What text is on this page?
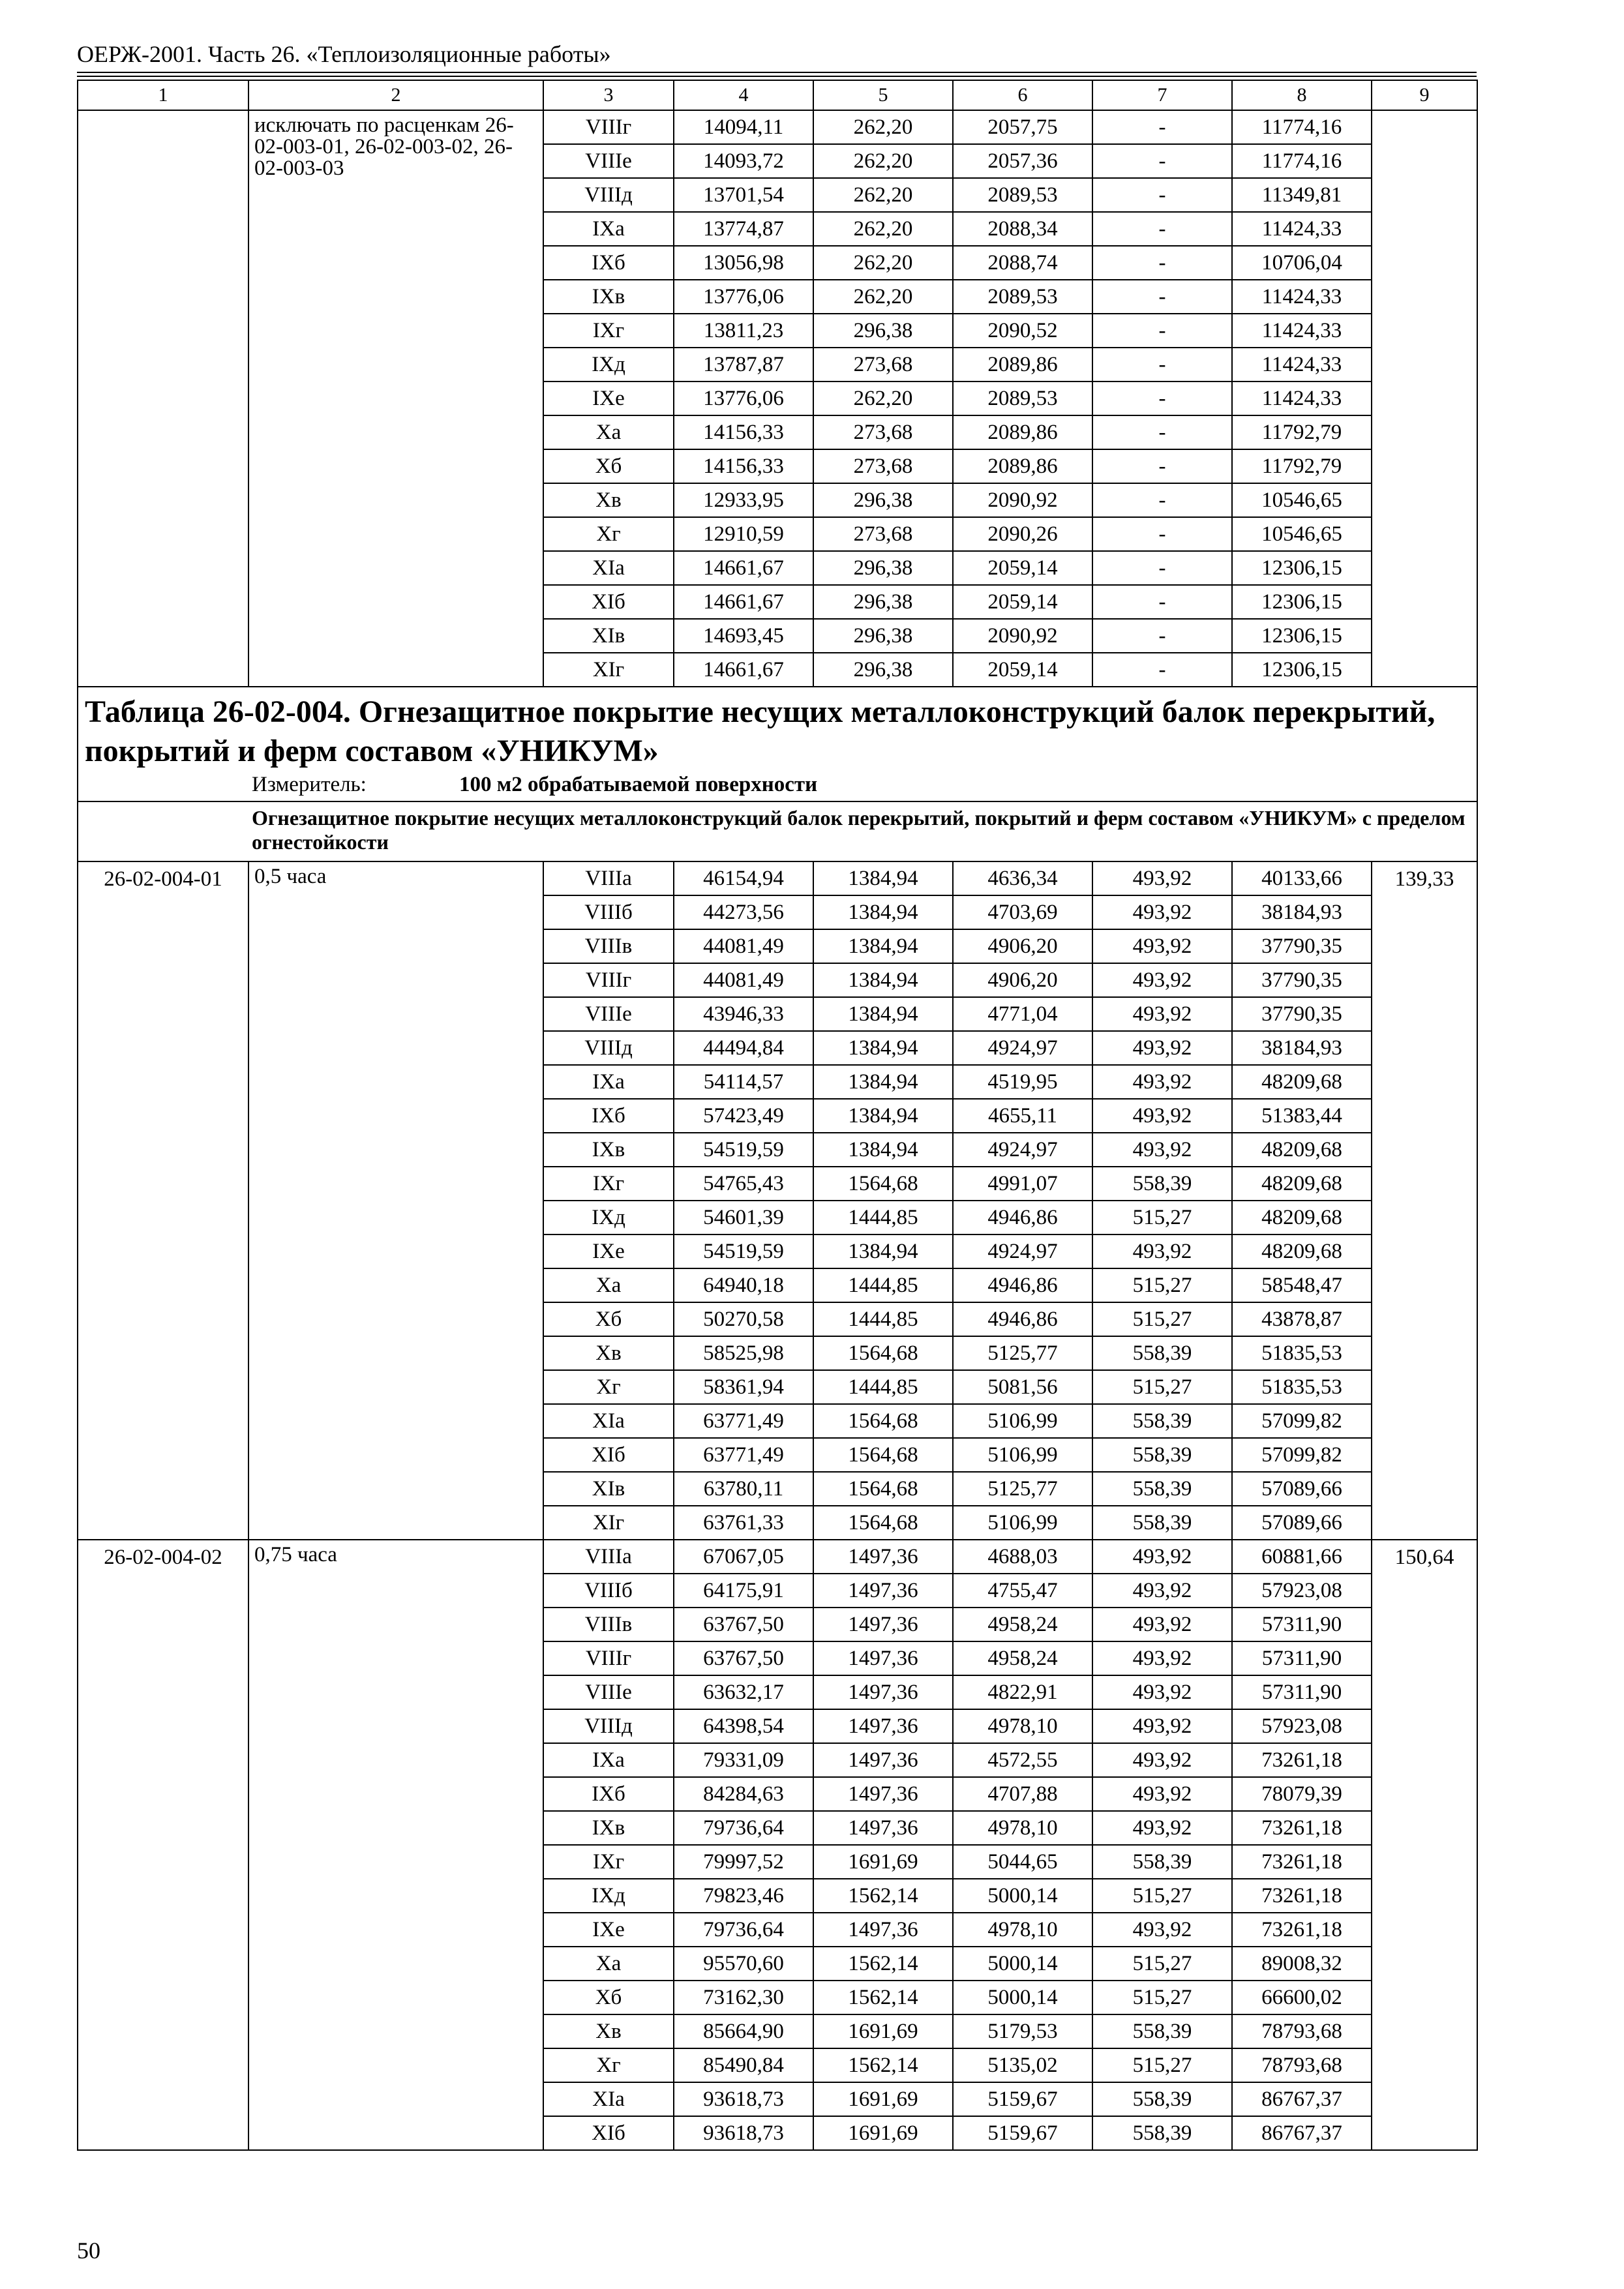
ОЕРЖ-2001. Часть 26. «Теплоизоляционные работы»
1	2	3	4	5	6	7	8	9
	исключать по расценкам 26-02-003-01, 26-02-003-02, 26-02-003-03	VIIIг	14094,11	262,20	2057,75	-	11774,16	
		VIIIе	14093,72	262,20	2057,36	-	11774,16	
		VIIIд	13701,54	262,20	2089,53	-	11349,81	
		IXа	13774,87	262,20	2088,34	-	11424,33	
		IXб	13056,98	262,20	2088,74	-	10706,04	
		IXв	13776,06	262,20	2089,53	-	11424,33	
		IXг	13811,23	296,38	2090,52	-	11424,33	
		IXд	13787,87	273,68	2089,86	-	11424,33	
		IXе	13776,06	262,20	2089,53	-	11424,33	
		Xа	14156,33	273,68	2089,86	-	11792,79	
		Xб	14156,33	273,68	2089,86	-	11792,79	
		Xв	12933,95	296,38	2090,92	-	10546,65	
		Xг	12910,59	273,68	2090,26	-	10546,65	
		XIа	14661,67	296,38	2059,14	-	12306,15	
		XIб	14661,67	296,38	2059,14	-	12306,15	
		XIв	14693,45	296,38	2090,92	-	12306,15	
		XIг	14661,67	296,38	2059,14	-	12306,15	

Таблица 26-02-004. Огнезащитное покрытие несущих металлоконструкций балок перекрытий, покрытий и ферм составом «УНИКУМ»
Измеритель: 100 м2 обрабатываемой поверхности								

Огнезащитное покрытие несущих металлоконструкций балок перекрытий, покрытий и ферм составом «УНИКУМ» с пределом огнестойкости								
26-02-004-01	0,5 часа	VIIIа	46154,94	1384,94	4636,34	493,92	40133,66	139,33
		VIIIб	44273,56	1384,94	4703,69	493,92	38184,93	
		VIIIв	44081,49	1384,94	4906,20	493,92	37790,35	
		VIIIг	44081,49	1384,94	4906,20	493,92	37790,35	
		VIIIе	43946,33	1384,94	4771,04	493,92	37790,35	
		VIIIд	44494,84	1384,94	4924,97	493,92	38184,93	
		IXа	54114,57	1384,94	4519,95	493,92	48209,68	
		IXб	57423,49	1384,94	4655,11	493,92	51383,44	
		IXв	54519,59	1384,94	4924,97	493,92	48209,68	
		IXг	54765,43	1564,68	4991,07	558,39	48209,68	
		IXд	54601,39	1444,85	4946,86	515,27	48209,68	
		IXе	54519,59	1384,94	4924,97	493,92	48209,68	
		Xа	64940,18	1444,85	4946,86	515,27	58548,47	
		Xб	50270,58	1444,85	4946,86	515,27	43878,87	
		Xв	58525,98	1564,68	5125,77	558,39	51835,53	
		Xг	58361,94	1444,85	5081,56	515,27	51835,53	
		XIа	63771,49	1564,68	5106,99	558,39	57099,82	
		XIб	63771,49	1564,68	5106,99	558,39	57099,82	
		XIв	63780,11	1564,68	5125,77	558,39	57089,66	
		XIг	63761,33	1564,68	5106,99	558,39	57089,66	
26-02-004-02	0,75 часа	VIIIа	67067,05	1497,36	4688,03	493,92	60881,66	150,64
		VIIIб	64175,91	1497,36	4755,47	493,92	57923,08	
		VIIIв	63767,50	1497,36	4958,24	493,92	57311,90	
		VIIIг	63767,50	1497,36	4958,24	493,92	57311,90	
		VIIIе	63632,17	1497,36	4822,91	493,92	57311,90	
		VIIIд	64398,54	1497,36	4978,10	493,92	57923,08	
		IXа	79331,09	1497,36	4572,55	493,92	73261,18	
		IXб	84284,63	1497,36	4707,88	493,92	78079,39	
		IXв	79736,64	1497,36	4978,10	493,92	73261,18	
		IXг	79997,52	1691,69	5044,65	558,39	73261,18	
		IXд	79823,46	1562,14	5000,14	515,27	73261,18	
		IXе	79736,64	1497,36	4978,10	493,92	73261,18	
		Xа	95570,60	1562,14	5000,14	515,27	89008,32	
		Xб	73162,30	1562,14	5000,14	515,27	66600,02	
		Xв	85664,90	1691,69	5179,53	558,39	78793,68	
		Xг	85490,84	1562,14	5135,02	515,27	78793,68	
		XIа	93618,73	1691,69	5159,67	558,39	86767,37	
		XIб	93618,73	1691,69	5159,67	558,39	86767,37	
50
